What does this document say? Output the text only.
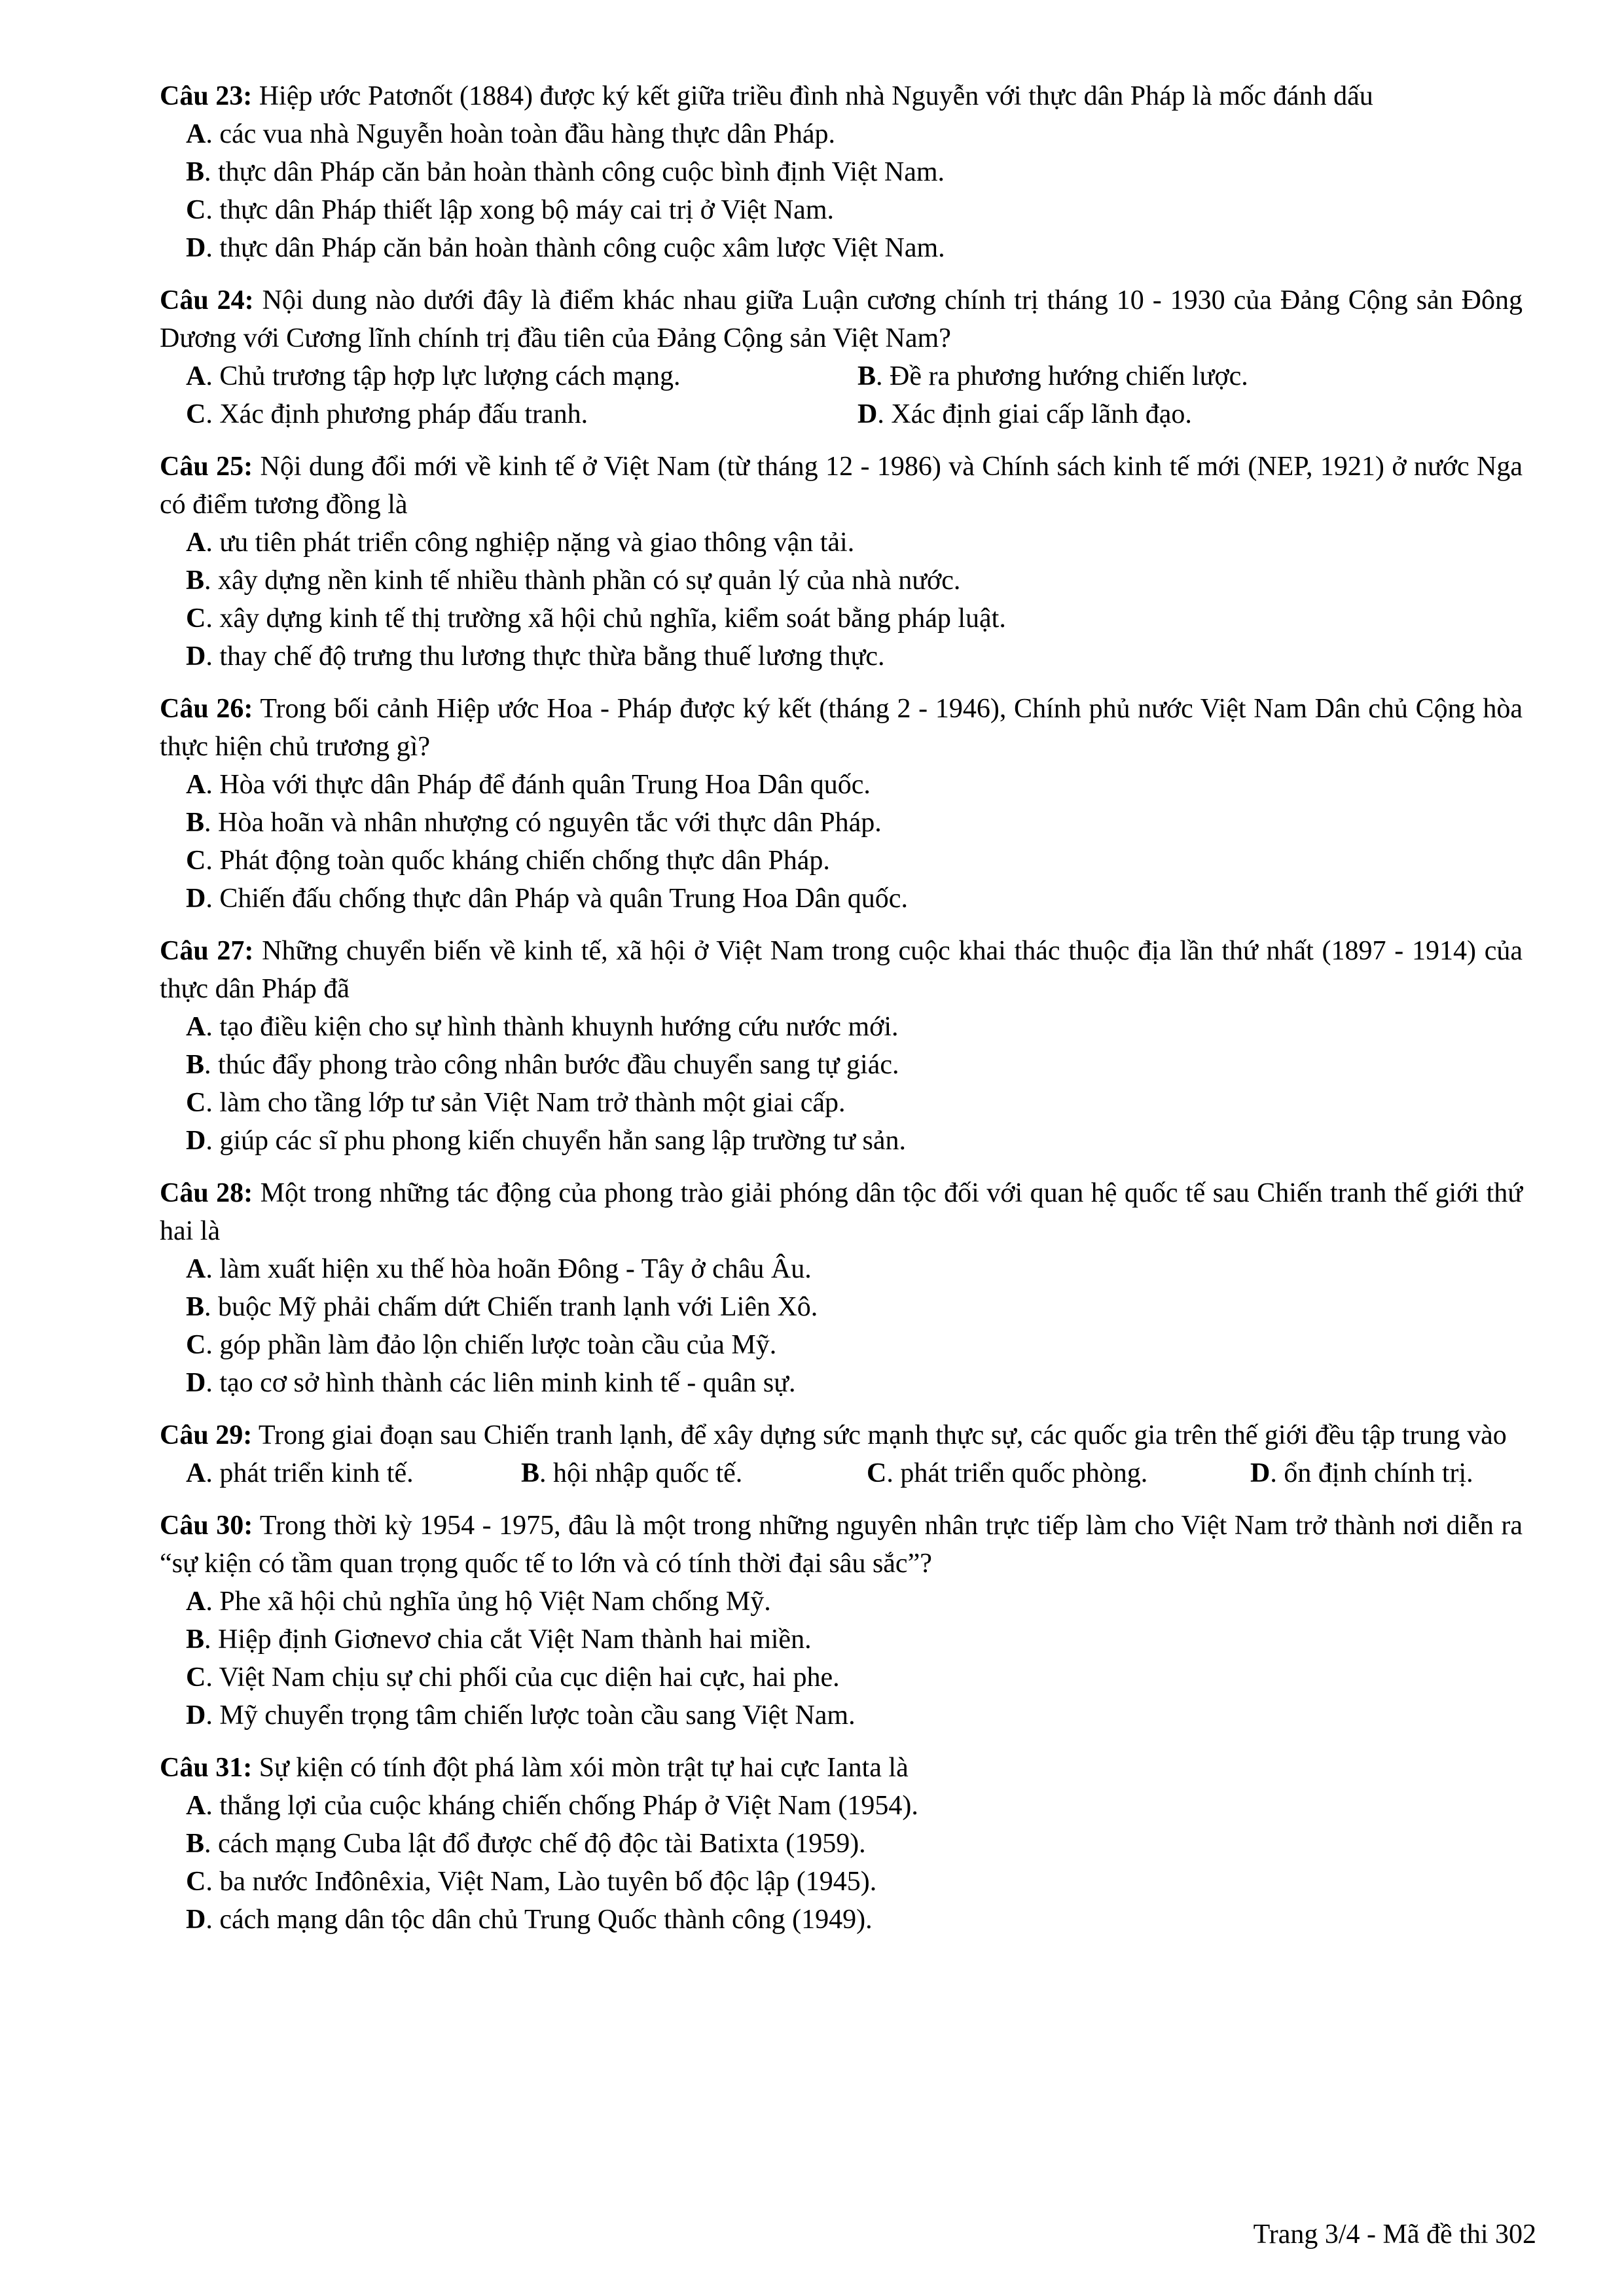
Câu 23: Hiệp ước Patơnốt (1884) được ký kết giữa triều đình nhà Nguyễn với thực dân Pháp là mốc đánh dấu

A. các vua nhà Nguyễn hoàn toàn đầu hàng thực dân Pháp.
B. thực dân Pháp căn bản hoàn thành công cuộc bình định Việt Nam.
C. thực dân Pháp thiết lập xong bộ máy cai trị ở Việt Nam.
D. thực dân Pháp căn bản hoàn thành công cuộc xâm lược Việt Nam.

Câu 24: Nội dung nào dưới đây là điểm khác nhau giữa Luận cương chính trị tháng 10 - 1930 của Đảng Cộng sản Đông Dương với Cương lĩnh chính trị đầu tiên của Đảng Cộng sản Việt Nam?

A. Chủ trương tập hợp lực lượng cách mạng.	B. Đề ra phương hướng chiến lược.
C. Xác định phương pháp đấu tranh.	D. Xác định giai cấp lãnh đạo.

Câu 25: Nội dung đổi mới về kinh tế ở Việt Nam (từ tháng 12 - 1986) và Chính sách kinh tế mới (NEP, 1921) ở nước Nga có điểm tương đồng là

A. ưu tiên phát triển công nghiệp nặng và giao thông vận tải.
B. xây dựng nền kinh tế nhiều thành phần có sự quản lý của nhà nước.
C. xây dựng kinh tế thị trường xã hội chủ nghĩa, kiểm soát bằng pháp luật.
D. thay chế độ trưng thu lương thực thừa bằng thuế lương thực.

Câu 26: Trong bối cảnh Hiệp ước Hoa - Pháp được ký kết (tháng 2 - 1946), Chính phủ nước Việt Nam Dân chủ Cộng hòa thực hiện chủ trương gì?

A. Hòa với thực dân Pháp để đánh quân Trung Hoa Dân quốc.
B. Hòa hoãn và nhân nhượng có nguyên tắc với thực dân Pháp.
C. Phát động toàn quốc kháng chiến chống thực dân Pháp.
D. Chiến đấu chống thực dân Pháp và quân Trung Hoa Dân quốc.

Câu 27: Những chuyển biến về kinh tế, xã hội ở Việt Nam trong cuộc khai thác thuộc địa lần thứ nhất (1897 - 1914) của thực dân Pháp đã

A. tạo điều kiện cho sự hình thành khuynh hướng cứu nước mới.
B. thúc đẩy phong trào công nhân bước đầu chuyển sang tự giác.
C. làm cho tầng lớp tư sản Việt Nam trở thành một giai cấp.
D. giúp các sĩ phu phong kiến chuyển hẳn sang lập trường tư sản.

Câu 28: Một trong những tác động của phong trào giải phóng dân tộc đối với quan hệ quốc tế sau Chiến tranh thế giới thứ hai là

A. làm xuất hiện xu thế hòa hoãn Đông - Tây ở châu Âu.
B. buộc Mỹ phải chấm dứt Chiến tranh lạnh với Liên Xô.
C. góp phần làm đảo lộn chiến lược toàn cầu của Mỹ.
D. tạo cơ sở hình thành các liên minh kinh tế - quân sự.

Câu 29: Trong giai đoạn sau Chiến tranh lạnh, để xây dựng sức mạnh thực sự, các quốc gia trên thế giới đều tập trung vào

A. phát triển kinh tế.	B. hội nhập quốc tế.	C. phát triển quốc phòng.	D. ổn định chính trị.

Câu 30: Trong thời kỳ 1954 - 1975, đâu là một trong những nguyên nhân trực tiếp làm cho Việt Nam trở thành nơi diễn ra “sự kiện có tầm quan trọng quốc tế to lớn và có tính thời đại sâu sắc”?

A. Phe xã hội chủ nghĩa ủng hộ Việt Nam chống Mỹ.
B. Hiệp định Giơnevơ chia cắt Việt Nam thành hai miền.
C. Việt Nam chịu sự chi phối của cục diện hai cực, hai phe.
D. Mỹ chuyển trọng tâm chiến lược toàn cầu sang Việt Nam.

Câu 31: Sự kiện có tính đột phá làm xói mòn trật tự hai cực Ianta là

A. thắng lợi của cuộc kháng chiến chống Pháp ở Việt Nam (1954).
B. cách mạng Cuba lật đổ được chế độ độc tài Batixta (1959).
C. ba nước Inđônêxia, Việt Nam, Lào tuyên bố độc lập (1945).
D. cách mạng dân tộc dân chủ Trung Quốc thành công (1949).
Trang 3/4 - Mã đề thi 302
